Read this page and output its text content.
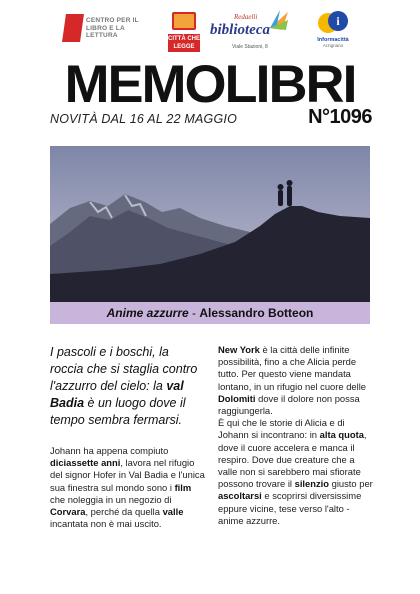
CENTRO PER IL LIBRO E LA LETTURA	CITTÀ CHE LEGGE
Redaelli
biblioteca
Viale Stazioni, 8
i
Informacittà
Arzignano
MEMOLIBRI
NOVITÀ DAL 16 AL 22 MAGGIO	N°1096
Anime azzurre - Alessandro Botteon

I pascoli e i boschi, la roccia che si staglia contro l'azzurro del cielo: la val Badia è un luogo dove il tempo sembra fermarsi.

Johann ha appena compiuto diciassette anni, lavora nel rifugio del signor Hofer in Val Badia e l'unica sua finestra sul mondo sono i film che noleggia in un negozio di Corvara, perché da quella valle incantata non è mai uscito.

New York è la città delle infinite possibilità, fino a che Alicia perde tutto. Per questo viene mandata lontano, in un rifugio nel cuore delle Dolomiti dove il dolore non possa raggiungerla.

È qui che le storie di Alicia e di Johann si incontrano: in alta quota, dove il cuore accelera e manca il respiro. Dove due creature che a valle non si sarebbero mai sfiorate possono trovare il silenzio giusto per ascoltarsi e scoprirsi diversissime eppure vicine, tese verso l'alto - anime azzurre.
